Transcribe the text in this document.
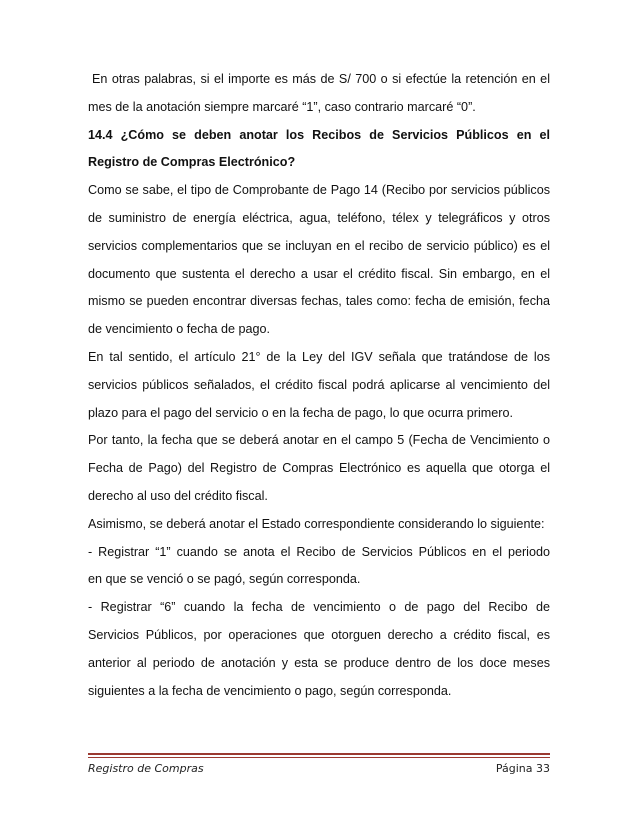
En otras palabras, si el importe es más de S/ 700 o si efectúe la retención en el
mes de la anotación siempre marcaré “1”, caso contrario marcaré “0”.
14.4 ¿Cómo se deben anotar los Recibos de Servicios Públicos en el
Registro de Compras Electrónico?
Como se sabe, el tipo de Comprobante de Pago 14 (Recibo por servicios públicos
de suministro de energía eléctrica, agua, teléfono, télex y telegráficos y otros
servicios complementarios que se incluyan en el recibo de servicio público) es el
documento que sustenta el derecho a usar el crédito fiscal. Sin embargo, en el
mismo se pueden encontrar diversas fechas, tales como: fecha de emisión, fecha
de vencimiento o fecha de pago.
En tal sentido, el artículo 21° de la Ley del IGV señala que tratándose de los
servicios públicos señalados, el crédito fiscal podrá aplicarse al vencimiento del
plazo para el pago del servicio o en la fecha de pago, lo que ocurra primero.
Por tanto, la fecha que se deberá anotar en el campo 5 (Fecha de Vencimiento o
Fecha de Pago) del Registro de Compras Electrónico es aquella que otorga el
derecho al uso del crédito fiscal.
Asimismo, se deberá anotar el Estado correspondiente considerando lo siguiente:
- Registrar “1” cuando se anota el Recibo de Servicios Públicos en el periodo
en que se venció o se pagó, según corresponda.
- Registrar “6” cuando la fecha de vencimiento o de pago del Recibo de
Servicios Públicos, por operaciones que otorguen derecho a crédito fiscal, es
anterior al periodo de anotación y esta se produce dentro de los doce meses
siguientes a la fecha de vencimiento o pago, según corresponda.
Registro de Compras	Página 33
